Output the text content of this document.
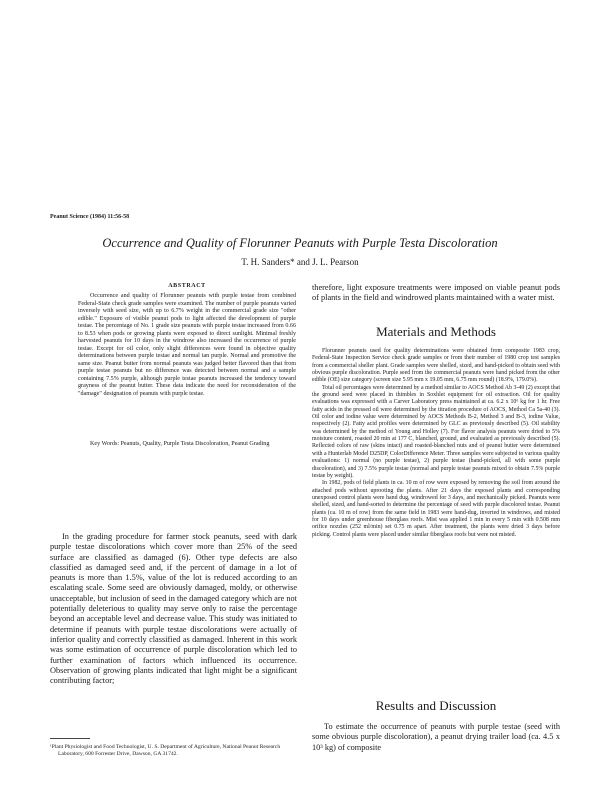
Peanut Science (1984) 11:56-58
Occurrence and Quality of Florunner Peanuts with Purple Testa Discoloration
T. H. Sanders* and J. L. Pearson
ABSTRACT

Occurrence and quality of Florunner peanuts with purple testae from combined Federal-State check grade samples were examined. The number of purple peanuts varied inversely with seed size, with up to 6.7% weight in the commercial grade size "other edible." Exposure of visible peanut pods to light affected the development of purple testae. The percentage of No. 1 grade size peanuts with purple testae increased from 0.66 to 8.53 when pods or growing plants were exposed to direct sunlight. Minimal freshly harvested peanuts for 10 days in the windrow also increased the occurrence of purple testae. Except for oil color, only slight differences were found in objective quality determinations between purple testae and normal tan purple. Normal and promotive the same size. Peanut butter from normal peanuts was judged better flavored than that from purple testae peanuts but no difference was detected between normal and a sample containing 7.5% purple, although purple testae peanuts increased the tendency toward grayness of the peanut butter. These data indicate the need for reconsideration of the "damage" designation of peanuts with purple testae.

Key Words: Peanuts, Quality, Purple Testa Discoloration, Peanut Grading

In the grading procedure for farmer stock peanuts, seed with dark purple testae discolorations which cover more than 25% of the seed surface are classified as damaged (6). Other type defects are also classified as damaged seed and, if the percent of damage in a lot of peanuts is more than 1.5%, value of the lot is reduced according to an escalating scale. Some seed are obviously damaged, moldy, or otherwise unacceptable, but inclusion of seed in the damaged category which are not potentially deleterious to quality may serve only to raise the percentage beyond an acceptable level and decrease value. This study was initiated to determine if peanuts with purple testae discolorations were actually of inferior quality and correctly classified as damaged. Inherent in this work was some estimation of occurrence of purple discoloration which led to further examination of factors which influenced its occurrence. Observation of growing plants indicated that light might be a significant contributing factor;

¹Plant Physiologist and Food Technologist, U. S. Department of Agriculture, National Peanut Research Laboratory, 600 Forrester Drive, Dawson, GA 31742.

therefore, light exposure treatments were imposed on viable peanut pods of plants in the field and windrowed plants maintained with a water mist.

Materials and Methods

Florunner peanuts used for quality determinations were obtained from composite 1983 crop, Federal-State Inspection Service check grade samples or from their number of 1980 crop test samples from a commercial sheller plant. Grade samples were shelled, sized, and hand-picked to obtain seed with obvious purple discoloration. Purple seed from the commercial peanuts were hand picked from the other edible (OE) size category (screen size 5.95 mm x 19.05 mm, 6.75 mm round) (18.9%, 179.0%).

Total oil percentages were determined by a method similar to AOCS Method Ab 3-49 (2) except that the ground seed were placed in thimbles in Soxhlet equipment for oil extraction. Oil for quality evaluations was expressed with a Carver Laboratory press maintained at ca. 6.2 x 10⁶ kg for 1 hr. Free fatty acids in the pressed oil were determined by the titration procedure of AOCS, Method Ca 5a-40 (3). Oil color and iodine value were determined by AOCS Methods B-2, Method 3 and B-3, iodine Value, respectively (2). Fatty acid profiles were determined by GLC as previously described (5). Oil stability was determined by the method of Young and Holley (7). For flavor analysis peanuts were dried to 5% moisture content, roasted 20 min at 177 C, blanched, ground, and evaluated as previously described (5). Reflected colors of raw (skins intact) and roasted-blanched nuts and of peanut butter were determined with a Hunterlab Model D25DP, ColorDifference Meter. Three samples were subjected to various quality evaluations: 1) normal (no purple testae), 2) purple testae (hand-picked, all with some purple discoloration), and 3) 7.5% purple testae (normal and purple testae peanuts mixed to obtain 7.5% purple testae by weight).

In 1982, pods of field plants in ca. 10 m of row were exposed by removing the soil from around the attached pods without uprooting the plants. After 21 days the exposed plants and corresponding unexposed control plants were hand dug, windrowed for 3 days, and mechanically picked. Peanuts were shelled, sized, and hand-sorted to determine the percentage of seed with purple discolored testae. Peanut plants (ca. 10 m of row) from the same field in 1983 were hand-dug, inverted in windrows, and misted for 10 days under greenhouse fiberglass roofs. Mist was applied 1 min in every 5 min with 0.508 mm orifice nozzles (252 ml/min) set 0.75 m apart. After treatment, the plants were dried 3 days before picking. Control plants were placed under similar fiberglass roofs but were not misted.

Results and Discussion

To estimate the occurrence of peanuts with purple testae (seed with some obvious purple discoloration), a peanut drying trailer load (ca. 4.5 x 10³ kg) of composite
